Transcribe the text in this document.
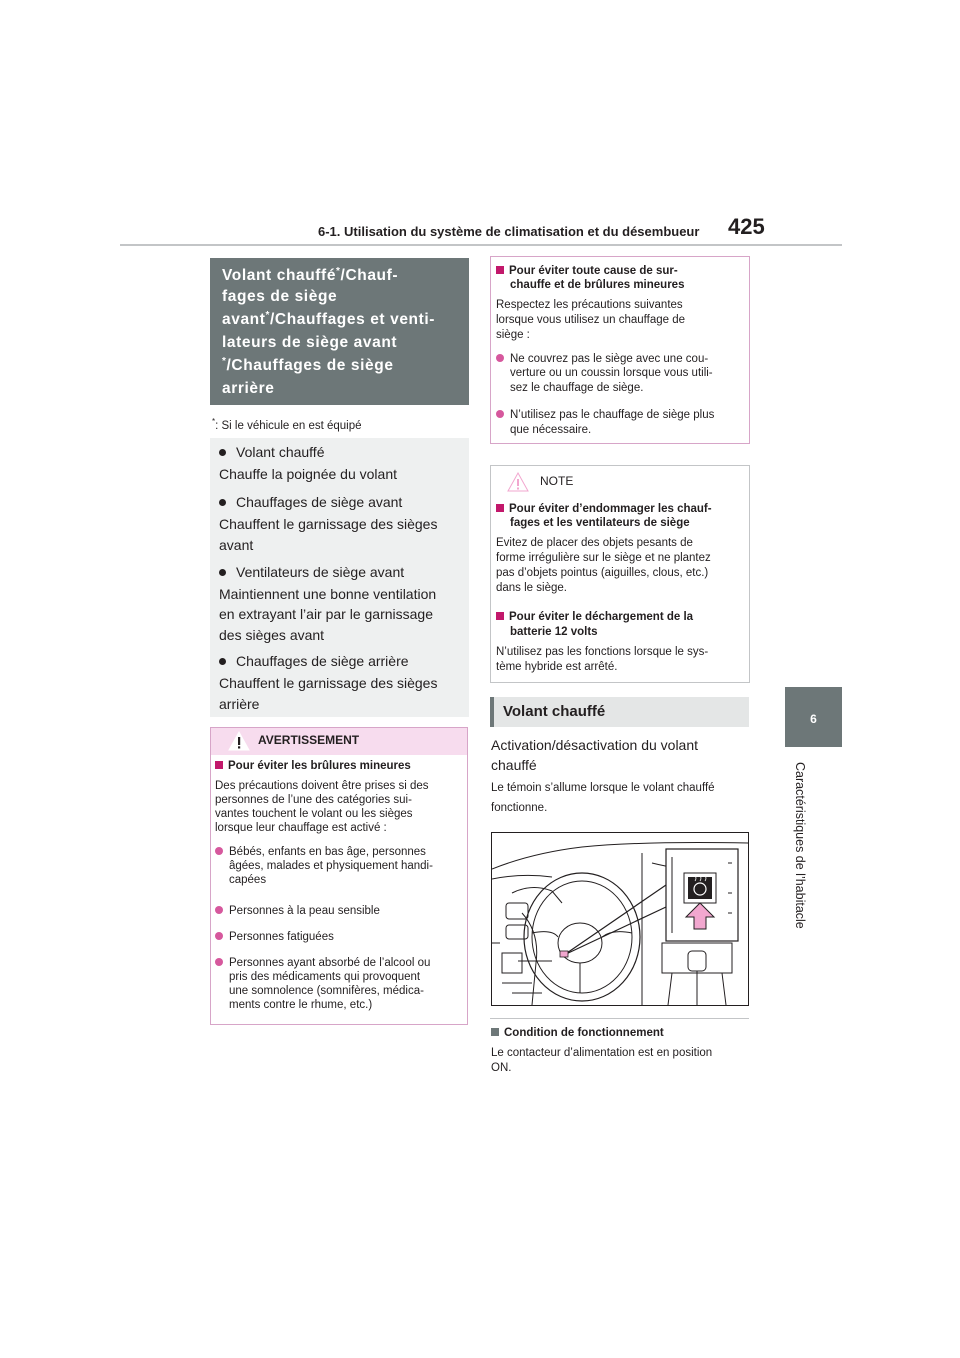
6-1. Utilisation du système de climatisation et du désembueur 425
6
Caractéristiques de l’habitacle
Volant chauffé*/Chauf-
fages de siège
avant*/Chauffages et venti-
lateurs de siège avant
*/Chauffages de siège
arrière
*: Si le véhicule en est équipé
Volant chauffé
Chauffe la poignée du volant
Chauffages de siège avant
Chauffent le garnissage des sièges
avant
Ventilateurs de siège avant
Maintiennent une bonne ventilation
en extrayant l’air par le garnissage
des sièges avant
Chauffages de siège arrière
Chauffent le garnissage des sièges
arrière
AVERTISSEMENT
Pour éviter les brûlures mineures
Des précautions doivent être prises si des
personnes de l’une des catégories sui-
vantes touchent le volant ou les sièges
lorsque leur chauffage est activé :
Bébés, enfants en bas âge, personnes
âgées, malades et physiquement handi-
capées
Personnes à la peau sensible
Personnes fatiguées
Personnes ayant absorbé de l’alcool ou
pris des médicaments qui provoquent
une somnolence (somnifères, médica-
ments contre le rhume, etc.)
Pour éviter toute cause de sur-
chauffe et de brûlures mineures
Respectez les précautions suivantes
lorsque vous utilisez un chauffage de
siège :
Ne couvrez pas le siège avec une cou-
verture ou un coussin lorsque vous utili-
sez le chauffage de siège.
N’utilisez pas le chauffage de siège plus
que nécessaire.
NOTE
Pour éviter d’endommager les chauf-
fages et les ventilateurs de siège
Evitez de placer des objets pesants de
forme irrégulière sur le siège et ne plantez
pas d’objets pointus (aiguilles, clous, etc.)
dans le siège.
Pour éviter le déchargement de la
batterie 12 volts
N’utilisez pas les fonctions lorsque le sys-
tème hybride est arrêté.
Volant chauffé
Activation/désactivation du volant
chauffé
Le témoin s’allume lorsque le volant chauffé
fonctionne.
Condition de fonctionnement
Le contacteur d’alimentation est en position
ON.
